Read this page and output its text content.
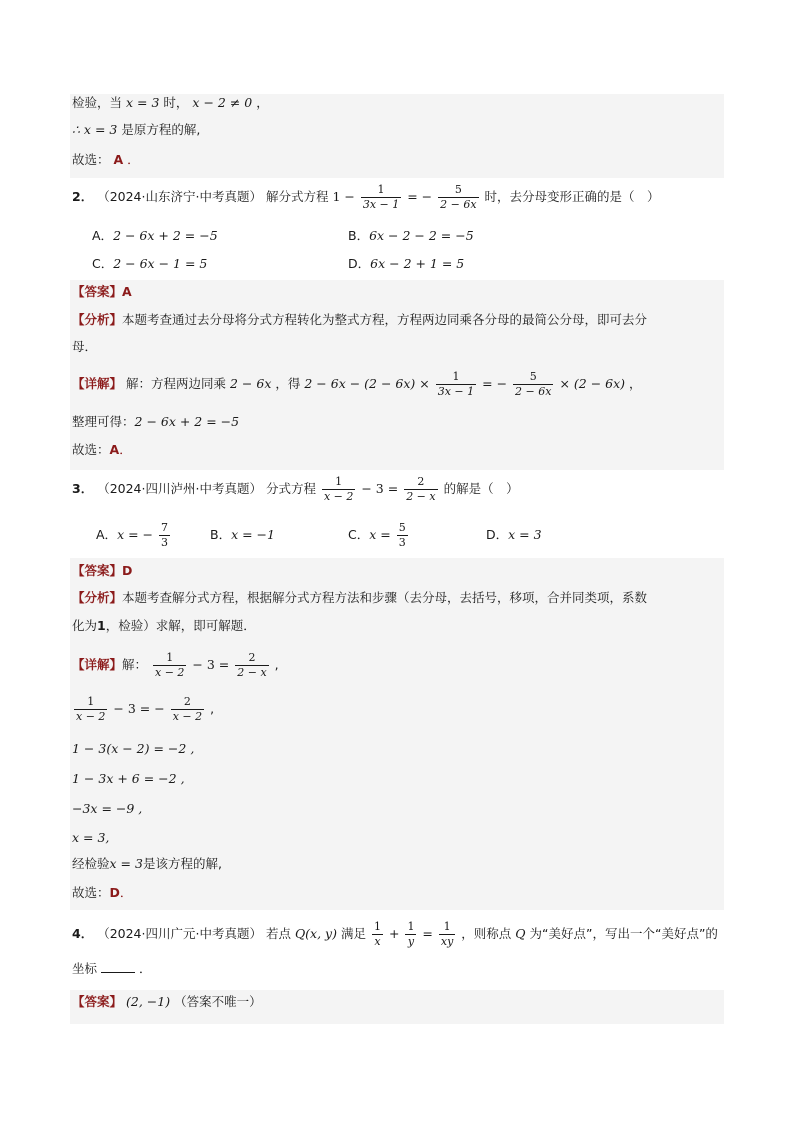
检验，当 x = 3 时， x − 2 ≠ 0 ，
∴ x = 3 是原方程的解,
故选： A ．
2． （2024·山东济宁·中考真题） 解分式方程 $1 - \frac{1}{3x - 1}$ = − $\frac{5}{2 - 6x}$ 时，去分母变形正确的是（　）
A．2 − 6x + 2 = −5	B．6x − 2 − 2 = −5
C．2 − 6x − 1 = 5	D．6x − 2 + 1 = 5
【答案】A
【分析】本题考查通过去分母将分式方程转化为整式方程，方程两边同乘各分母的最简公分母，即可去分
母．
【详解】 解：方程两边同乘 2 − 6x ，得 $2 - 6x - (2 - 6x) \times \frac{1}{3x - 1}$ = − $\frac{5}{2 - 6x} \times (2 - 6x)$ ，
整理可得：2 − 6x + 2 = −5
故选：A．
3． （2024·四川泸州·中考真题） 分式方程 $\frac{1}{x - 2} - 3 = \frac{2}{2 - x}$ 的解是（　）
A．x = − $\frac{7}{3}$	B．x = −1	C．$x = \frac{5}{3}$	D．x = 3
【答案】D
【分析】本题考查解分式方程，根据解分式方程方法和步骤（去分母，去括号，移项，合并同类项，系数
化为1，检验）求解，即可解题．
【详解】解： $\frac{1}{x - 2} - 3 = \frac{2}{2 - x}$ ,
$\frac{1}{x - 2} - 3$ = − $\frac{2}{x - 2}$ ,
1 − 3(x − 2) = −2 ,
1 − 3x + 6 = −2 ,
−3x = −9 ,
x = 3,
经检验x = 3是该方程的解,
故选：D．
4． （2024·四川广元·中考真题） 若点 Q(x, y) 满足 $\frac{1}{x} + \frac{1}{y} = \frac{1}{xy}$ ，则称点 Q 为“美好点”，写出一个“美好点”的
坐标	．
【答案】 (2, −1) （答案不唯一）
